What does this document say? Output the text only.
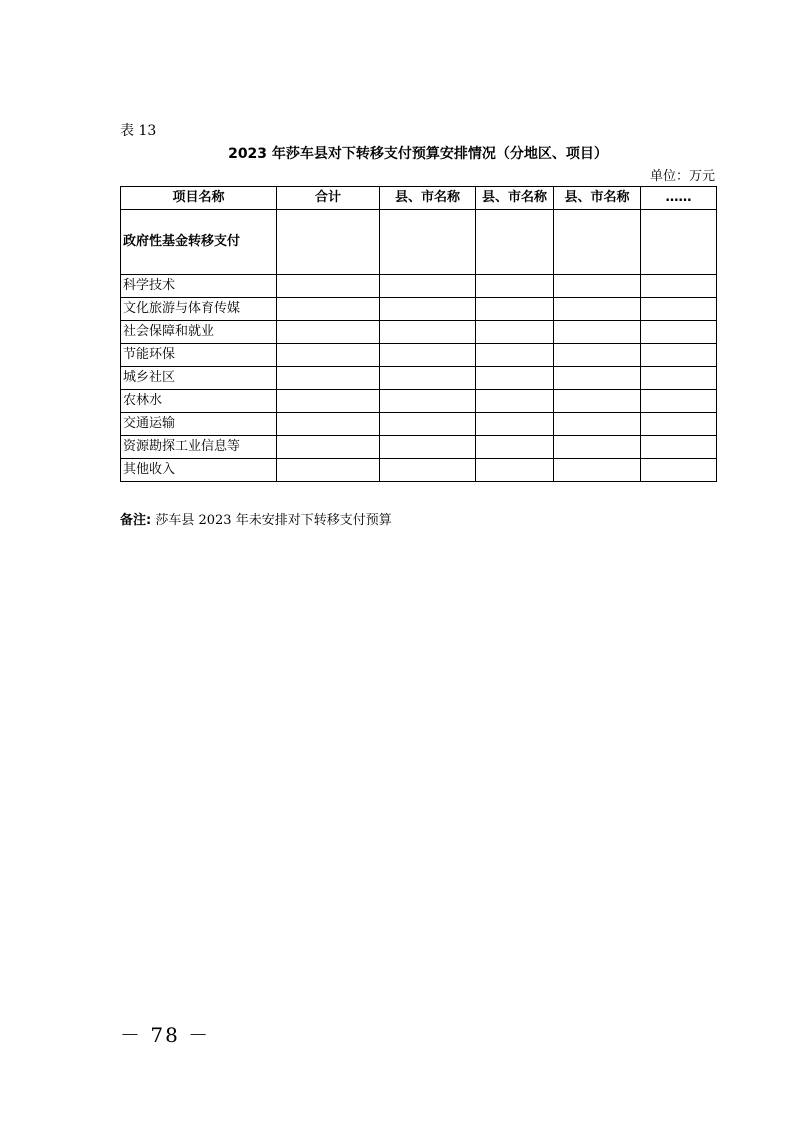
表 13
2023 年莎车县对下转移支付预算安排情况（分地区、项目）
单位：万元
项目名称	合计	县、市名称	县、市名称	县、市名称	……
政府性基金转移支付					
科学技术					
文化旅游与体育传媒					
社会保障和就业					
节能环保					
城乡社区					
农林水					
交通运输					
资源勘探工业信息等					
其他收入					
备注: 莎车县 2023 年未安排对下转移支付预算
－ 78 －
